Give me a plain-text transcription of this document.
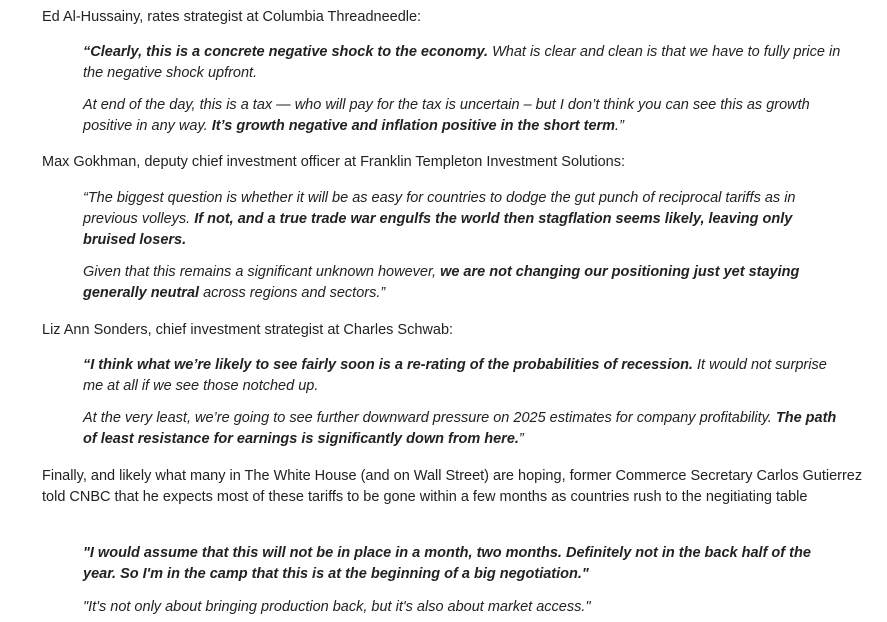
Ed Al-Hussainy, rates strategist at Columbia Threadneedle:

“Clearly, this is a concrete negative shock to the economy. What is clear and clean is that we have to fully price in the negative shock upfront.

At end of the day, this is a tax — who will pay for the tax is uncertain – but I don’t think you can see this as growth positive in any way. It’s growth negative and inflation positive in the short term.”

Max Gokhman, deputy chief investment officer at Franklin Templeton Investment Solutions:

“The biggest question is whether it will be as easy for countries to dodge the gut punch of reciprocal tariffs as in previous volleys. If not, and a true trade war engulfs the world then stagflation seems likely, leaving only bruised losers.

Given that this remains a significant unknown however, we are not changing our positioning just yet staying generally neutral across regions and sectors.”

Liz Ann Sonders, chief investment strategist at Charles Schwab:

“I think what we’re likely to see fairly soon is a re-rating of the probabilities of recession. It would not surprise me at all if we see those notched up.

At the very least, we’re going to see further downward pressure on 2025 estimates for company profitability. The path of least resistance for earnings is significantly down from here.”

Finally, and likely what many in The White House (and on Wall Street) are hoping, former Commerce Secretary Carlos Gutierrez told CNBC that he expects most of these tariffs to be gone within a few months as countries rush to the negitiating table

"I would assume that this will not be in place in a month, two months. Definitely not in the back half of the year. So I'm in the camp that this is at the beginning of a big negotiation."

"It's not only about bringing production back, but it's also about market access."
